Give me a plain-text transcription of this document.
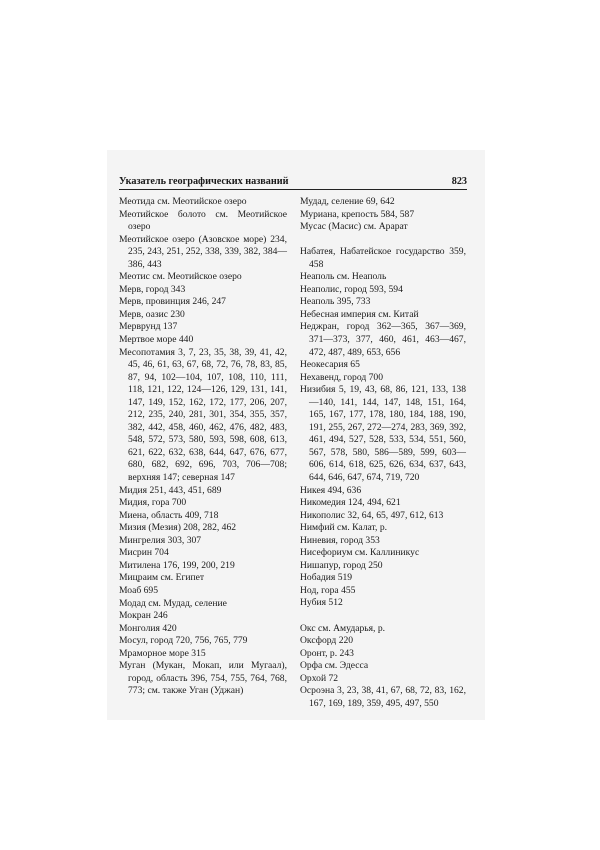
Указатель географических названий	823
Меотида см. Меотийское озеро
Меотийское болото см. Меотийское озеро
Меотийское озеро (Азовское море) 234, 235, 243, 251, 252, 338, 339, 382, 384—386, 443
Меотис см. Меотийское озеро
Мерв, город 343
Мерв, провинция 246, 247
Мерв, оазис 230
Мерврунд 137
Мертвое море 440
Месопотамия 3, 7, 23, 35, 38, 39, 41, 42, 45, 46, 61, 63, 67, 68, 72, 76, 78, 83, 85, 87, 94, 102—104, 107, 108, 110, 111, 118, 121, 122, 124—126, 129, 131, 141, 147, 149, 152, 162, 172, 177, 206, 207, 212, 235, 240, 281, 301, 354, 355, 357, 382, 442, 458, 460, 462, 476, 482, 483, 548, 572, 573, 580, 593, 598, 608, 613, 621, 622, 632, 638, 644, 647, 676, 677, 680, 682, 692, 696, 703, 706—708; верхняя 147; северная 147
Мидия 251, 443, 451, 689
Мидия, гора 700
Миена, область 409, 718
Мизия (Мезия) 208, 282, 462
Мингрелия 303, 307
Мисрин 704
Митилена 176, 199, 200, 219
Мицраим см. Египет
Моаб 695
Модад см. Мудад, селение
Мокран 246
Монголия 420
Мосул, город 720, 756, 765, 779
Мраморное море 315
Муган (Мукан, Мокап, или Мугаал), город, область 396, 754, 755, 764, 768, 773; см. также Уган (Уджан)
Мудад, селение 69, 642
Муриана, крепость 584, 587
Мусас (Масис) см. Арарат
Набатея, Набатейское государство 359, 458
Неаполь см. Неаполь
Неаполис, город 593, 594
Неаполь 395, 733
Небесная империя см. Китай
Неджран, город 362—365, 367—369, 371—373, 377, 460, 461, 463—467, 472, 487, 489, 653, 656
Неокесария 65
Нехавенд, город 700
Низибия 5, 19, 43, 68, 86, 121, 133, 138—140, 141, 144, 147, 148, 151, 164, 165, 167, 177, 178, 180, 184, 188, 190, 191, 255, 267, 272—274, 283, 369, 392, 461, 494, 527, 528, 533, 534, 551, 560, 567, 578, 580, 586—589, 599, 603—606, 614, 618, 625, 626, 634, 637, 643, 644, 646, 647, 674, 719, 720
Никея 494, 636
Никомедия 124, 494, 621
Никополис 32, 64, 65, 497, 612, 613
Нимфий см. Калат, р.
Ниневия, город 353
Нисефориум см. Каллиникус
Нишапур, город 250
Нобадия 519
Нод, гора 455
Нубия 512
Окс см. Амударья, р.
Оксфорд 220
Оронт, р. 243
Орфа см. Эдесса
Орхой 72
Осроэна 3, 23, 38, 41, 67, 68, 72, 83, 162, 167, 169, 189, 359, 495, 497, 550
